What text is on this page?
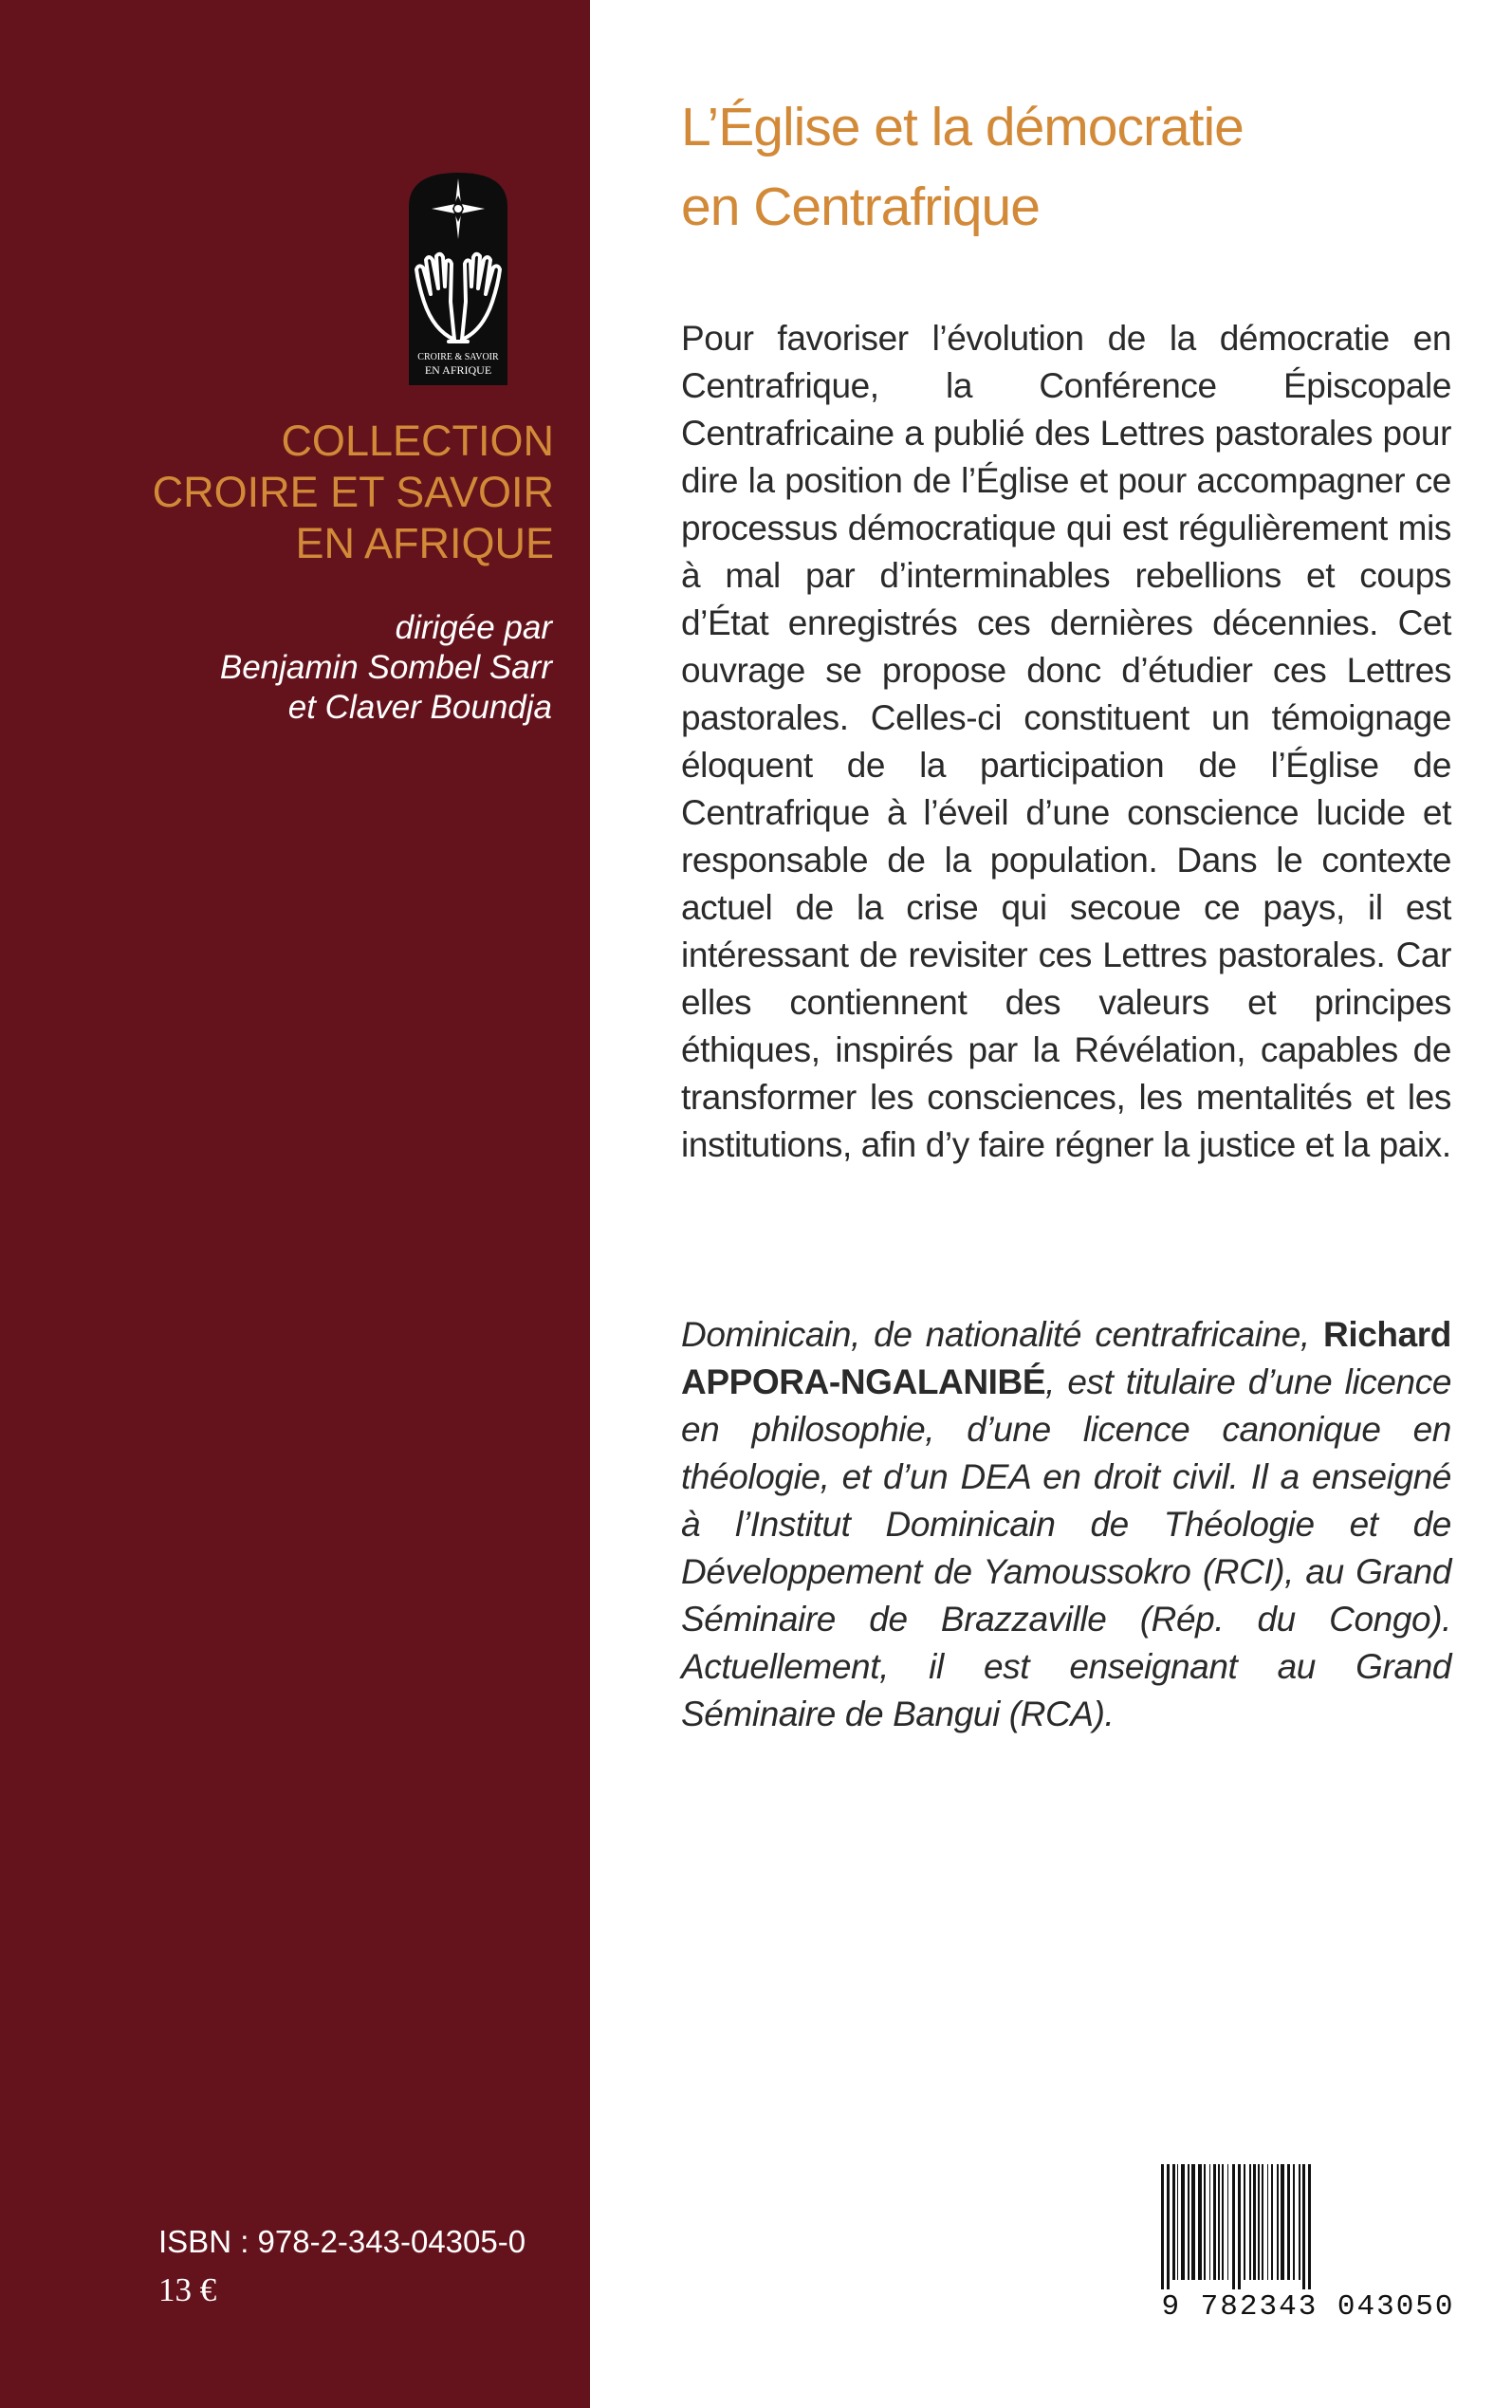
CROIRE & SAVOIR
EN AFRIQUE
COLLECTION
CROIRE ET SAVOIR
EN AFRIQUE
dirigée par
Benjamin Sombel Sarr
et Claver Boundja
ISBN : 978-2-343-04305-0
13 €
L’Église et la démocratie
en Centrafrique

Pour favoriser l’évolution de la démocratie en Centrafrique, la Conférence Épiscopale Centrafricaine a publié des Lettres pastorales pour dire la position de l’Église et pour accompagner ce processus démocratique qui est régulièrement mis à mal par d’interminables rebellions et coups d’État enregistrés ces dernières décennies. Cet ouvrage se propose donc d’étudier ces Lettres pastorales. Celles-ci constituent un témoignage éloquent de la participation de l’Église de Centrafrique à l’éveil d’une conscience lucide et responsable de la population. Dans le contexte actuel de la crise qui secoue ce pays, il est intéressant de revisiter ces Lettres pastorales. Car elles contiennent des valeurs et principes éthiques, inspirés par la Révélation, capables de transformer les consciences, les mentalités et les institutions, afin d’y faire régner la justice et la paix.

Dominicain, de nationalité centrafricaine, Richard APPORA-NGALANIBÉ, est titulaire d’une licence en philosophie, d’une licence canonique en théologie, et d’un DEA en droit civil. Il a enseigné à l’Institut Dominicain de Théologie et de Développement de Yamoussokro (RCI), au Grand Séminaire de Brazzaville (Rép. du Congo). Actuellement, il est enseignant au Grand Séminaire de Bangui (RCA).

9 782343 043050
